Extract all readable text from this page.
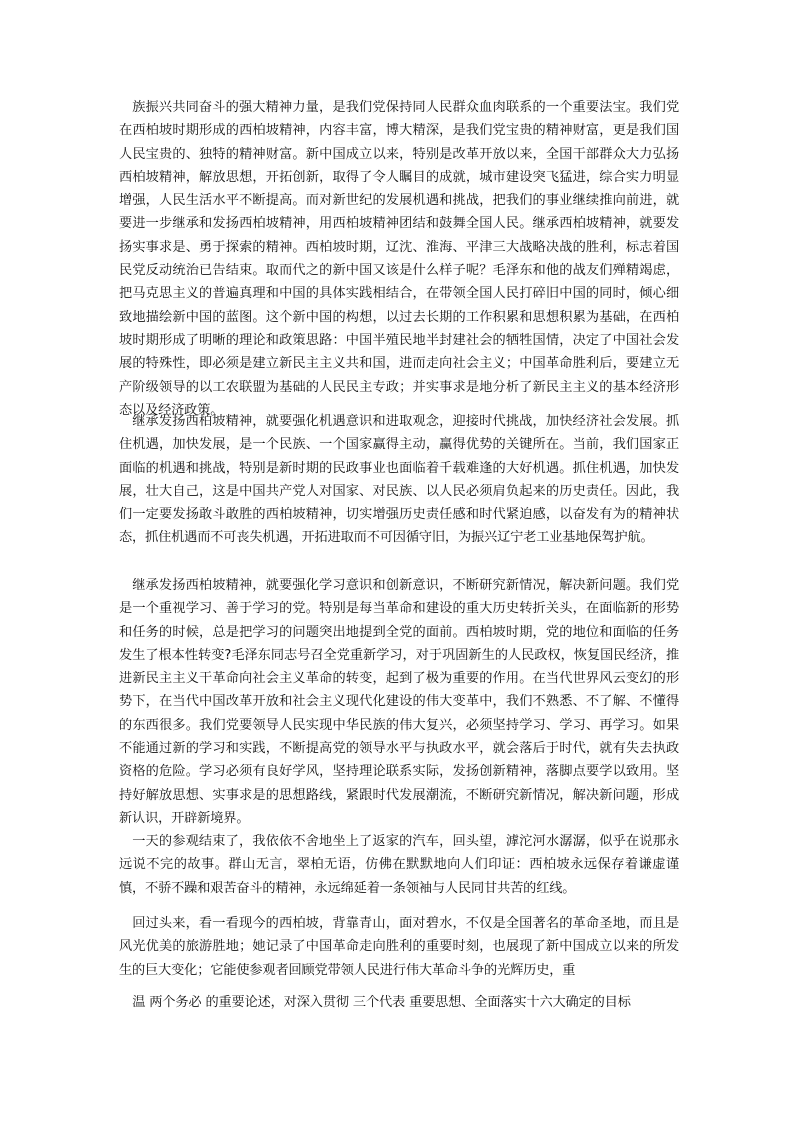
族振兴共同奋斗的强大精神力量，是我们党保持同人民群众血肉联系的一个重要法宝。我们党在西柏坡时期形成的西柏坡精神，内容丰富，博大精深，是我们党宝贵的精神财富，更是我们国人民宝贵的、独特的精神财富。新中国成立以来，特别是改革开放以来，全国干部群众大力弘扬西柏坡精神，解放思想，开拓创新，取得了令人瞩目的成就，城市建设突飞猛进，综合实力明显增强，人民生活水平不断提高。而对新世纪的发展机遇和挑战，把我们的事业继续推向前进，就要进一步继承和发扬西柏坡精神，用西柏坡精神团结和鼓舞全国人民。继承西柏坡精神，就要发扬实事求是、勇于探索的精神。西柏坡时期，辽沈、淮海、平津三大战略决战的胜利，标志着国民党反动统治已告结束。取而代之的新中国又该是什么样子呢？毛泽东和他的战友们殚精竭虑，把马克思主义的普遍真理和中国的具体实践相结合，在带领全国人民打碎旧中国的同时，倾心细致地描绘新中国的蓝图。这个新中国的构想，以过去长期的工作积累和思想积累为基础，在西柏坡时期形成了明晰的理论和政策思路：中国半殖民地半封建社会的牺牲国情，决定了中国社会发展的特殊性，即必须是建立新民主主义共和国，进而走向社会主义；中国革命胜利后，要建立无产阶级领导的以工农联盟为基础的人民民主专政；并实事求是地分析了新民主主义的基本经济形态以及经济政策。

继承发扬西柏坡精神，就要强化机遇意识和进取观念，迎接时代挑战，加快经济社会发展。抓住机遇，加快发展，是一个民族、一个国家赢得主动，赢得优势的关键所在。当前，我们国家正面临的机遇和挑战，特别是新时期的民政事业也面临着千载难逢的大好机遇。抓住机遇，加快发展，壮大自己，这是中国共产党人对国家、对民族、以人民必须肩负起来的历史责任。因此，我们一定要发扬敢斗敢胜的西柏坡精神，切实增强历史责任感和时代紧迫感，以奋发有为的精神状态，抓住机遇而不可丧失机遇，开拓进取而不可因循守旧，为振兴辽宁老工业基地保驾护航。

继承发扬西柏坡精神，就要强化学习意识和创新意识，不断研究新情况，解决新问题。我们党是一个重视学习、善于学习的党。特别是每当革命和建设的重大历史转折关头，在面临新的形势和任务的时候，总是把学习的问题突出地提到全党的面前。西柏坡时期，党的地位和面临的任务发生了根本性转变?毛泽东同志号召全党重新学习，对于巩固新生的人民政权，恢复国民经济，推进新民主主义干革命向社会主义革命的转变，起到了极为重要的作用。在当代世界风云变幻的形势下，在当代中国改革开放和社会主义现代化建设的伟大变革中，我们不熟悉、不了解、不懂得的东西很多。我们党要领导人民实现中华民族的伟大复兴，必须坚持学习、学习、再学习。如果不能通过新的学习和实践，不断提高党的领导水平与执政水平，就会落后于时代，就有失去执政资格的危险。学习必须有良好学风，坚持理论联系实际，发扬创新精神，落脚点要学以致用。坚持好解放思想、实事求是的思想路线，紧跟时代发展潮流，不断研究新情况，解决新问题，形成新认识，开辟新境界。

一天的参观结束了，我依依不舍地坐上了返家的汽车，回头望，滹沱河水潺潺，似乎在说那永远说不完的故事。群山无言，翠柏无语，仿佛在默默地向人们印证：西柏坡永远保存着谦虚谨慎，不骄不躁和艰苦奋斗的精神，永远绵延着一条领袖与人民同甘共苦的红线。

回过头来，看一看现今的西柏坡，背靠青山，面对碧水，不仅是全国著名的革命圣地，而且是风光优美的旅游胜地；她记录了中国革命走向胜利的重要时刻，也展现了新中国成立以来的所发生的巨大变化；它能使参观者回顾党带领人民进行伟大革命斗争的光辉历史，重

温 两个务必 的重要论述，对深入贯彻 三个代表 重要思想、全面落实十六大确定的目标
